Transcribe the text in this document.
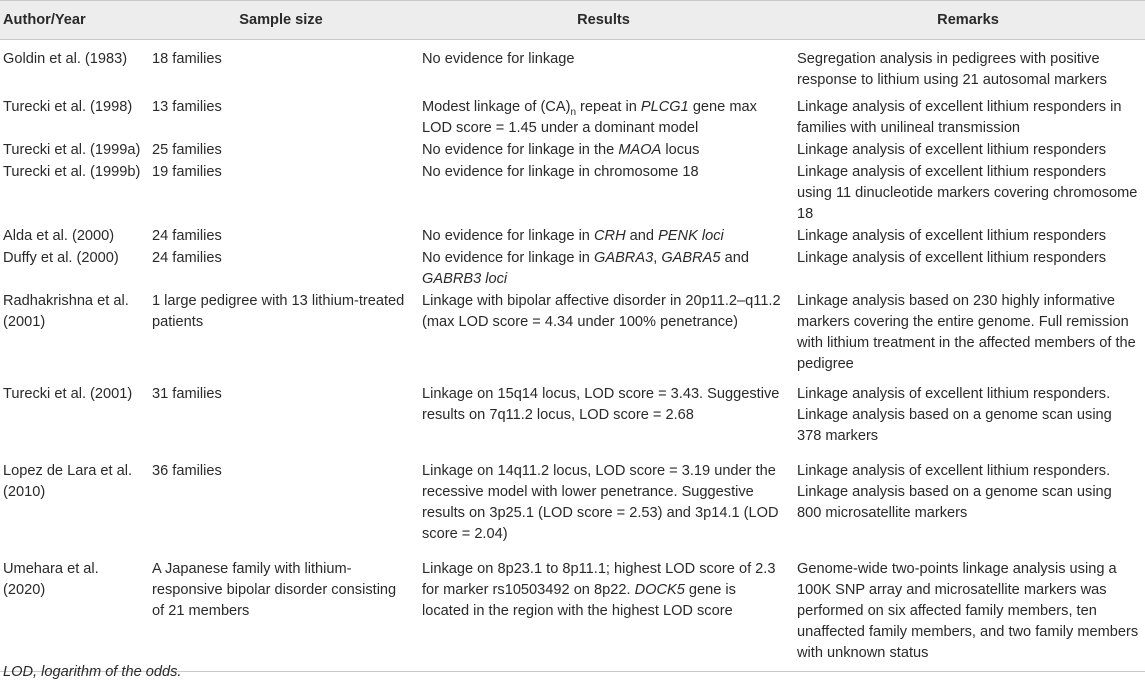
Author/Year	Sample size	Results	Remarks
Goldin et al. (1983)	18 families	No evidence for linkage	Segregation analysis in pedigrees with positive response to lithium using 21 autosomal markers
Turecki et al. (1998)	13 families	Modest linkage of $(CA)_n$ repeat in PLCG1 gene max LOD score = 1.45 under a dominant model	Linkage analysis of excellent lithium responders in families with unilineal transmission
Turecki et al. (1999a)	25 families	No evidence for linkage in the MAOA locus	Linkage analysis of excellent lithium responders
Turecki et al. (1999b)	19 families	No evidence for linkage in chromosome 18	Linkage analysis of excellent lithium responders using 11 dinucleotide markers covering chromosome 18
Alda et al. (2000)	24 families	No evidence for linkage in CRH and PENK loci	Linkage analysis of excellent lithium responders
Duffy et al. (2000)	24 families	No evidence for linkage in GABRA3, GABRA5 and GABRB3 loci	Linkage analysis of excellent lithium responders
Radhakrishna et al. (2001)	1 large pedigree with 13 lithium-treated patients	Linkage with bipolar affective disorder in 20p11.2–q11.2 (max LOD score = 4.34 under 100% penetrance)	Linkage analysis based on 230 highly informative markers covering the entire genome. Full remission with lithium treatment in the affected members of the pedigree
Turecki et al. (2001)	31 families	Linkage on 15q14 locus, LOD score = 3.43. Suggestive results on 7q11.2 locus, LOD score = 2.68	Linkage analysis of excellent lithium responders. Linkage analysis based on a genome scan using 378 markers
Lopez de Lara et al. (2010)	36 families	Linkage on 14q11.2 locus, LOD score = 3.19 under the recessive model with lower penetrance. Suggestive results on 3p25.1 (LOD score = 2.53) and 3p14.1 (LOD score = 2.04)	Linkage analysis of excellent lithium responders. Linkage analysis based on a genome scan using 800 microsatellite markers
Umehara et al. (2020)	A Japanese family with lithium-responsive bipolar disorder consisting of 21 members	Linkage on 8p23.1 to 8p11.1; highest LOD score of 2.3 for marker rs10503492 on 8p22. DOCK5 gene is located in the region with the highest LOD score	Genome-wide two-points linkage analysis using a 100K SNP array and microsatellite markers was performed on six affected family members, ten unaffected family members, and two family members with unknown status
LOD, logarithm of the odds.
